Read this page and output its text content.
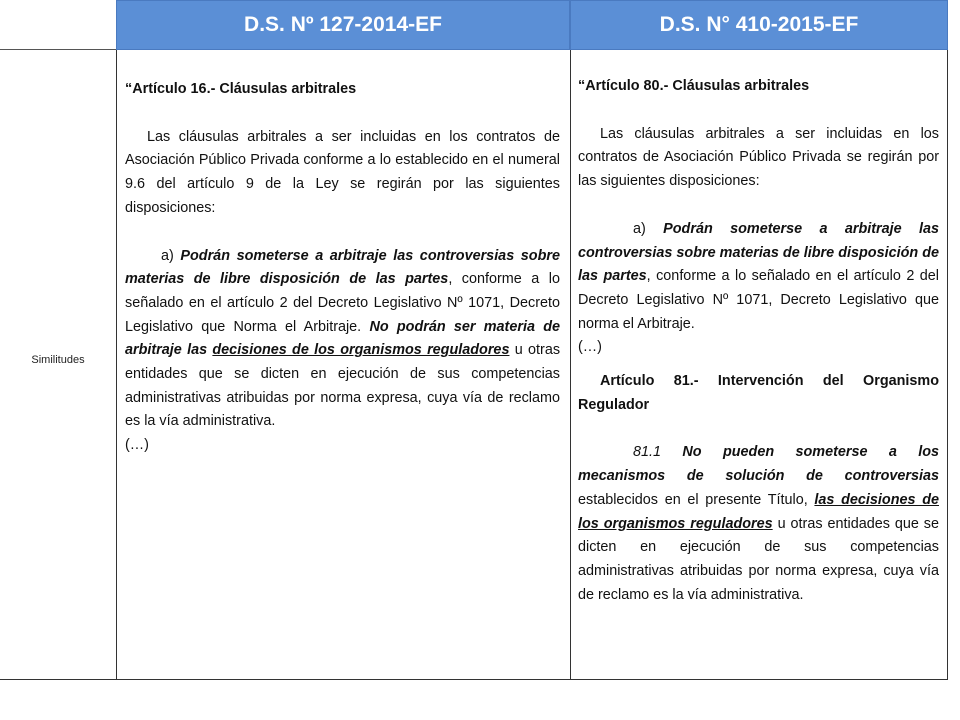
D.S. Nº 127-2014-EF	D.S. N° 410-2015-EF
Similitudes

“Artículo 16.- Cláusulas arbitrales

Las cláusulas arbitrales a ser incluidas en los contratos de Asociación Público Privada conforme a lo establecido en el numeral 9.6 del artículo 9 de la Ley se regirán por las siguientes disposiciones:

a) Podrán someterse a arbitraje las controversias sobre materias de libre disposición de las partes, conforme a lo señalado en el artículo 2 del Decreto Legislativo Nº 1071, Decreto Legislativo que Norma el Arbitraje. No podrán ser materia de arbitraje las decisiones de los organismos reguladores u otras entidades que se dicten en ejecución de sus competencias administrativas atribuidas por norma expresa, cuya vía de reclamo es la vía administrativa.

(…)

“Artículo 80.- Cláusulas arbitrales

Las cláusulas arbitrales a ser incluidas en los contratos de Asociación Público Privada se regirán por las siguientes disposiciones:

a) Podrán someterse a arbitraje las controversias sobre materias de libre disposición de las partes, conforme a lo señalado en el artículo 2 del Decreto Legislativo Nº 1071, Decreto Legislativo que norma el Arbitraje.

(…)

Artículo 81.- Intervención del Organismo Regulador

81.1 No pueden someterse a los mecanismos de solución de controversias establecidos en el presente Título, las decisiones de los organismos reguladores u otras entidades que se dicten en ejecución de sus competencias administrativas atribuidas por norma expresa, cuya vía de reclamo es la vía administrativa.
